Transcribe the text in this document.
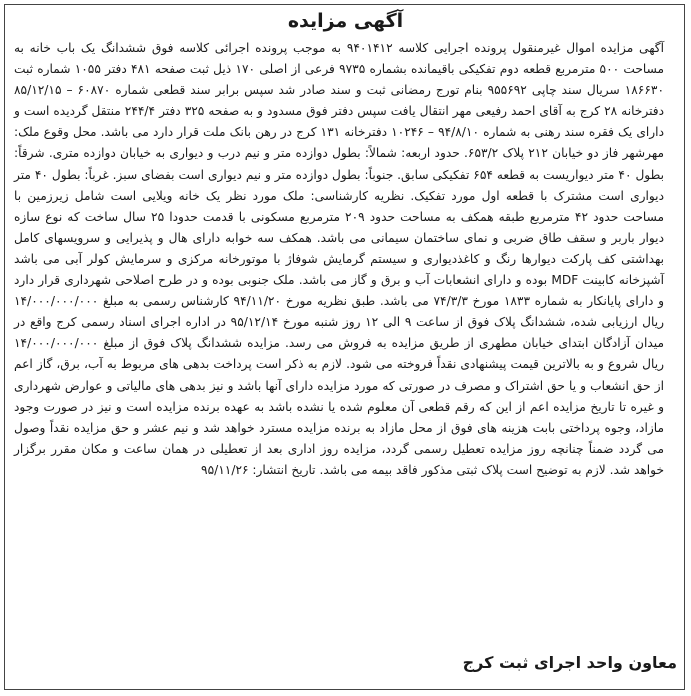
آگهی مزایده
آگهی مزایده اموال غیرمنقول پرونده اجرایی کلاسه ۹۴۰۱۴۱۲ به موجب پرونده اجرائی کلاسه فوق ششدانگ یک باب خانه به مساحت ۵۰۰ مترمربع قطعه دوم تفکیکی باقیمانده بشماره ۹۷۳۵ فرعی از اصلی ۱۷۰ ذیل ثبت صفحه ۴۸۱ دفتر ۱۰۵۵ شماره ثبت ۱۸۶۶۳۰ سریال سند چاپی ۹۵۵۶۹۲ بنام تورج رمضانی ثبت و سند صادر شد سپس برابر سند قطعی شماره ۶۰۸۷۰ – ۸۵/۱۲/۱۵ دفترخانه ۲۸ کرج به آقای احمد رفیعی مهر انتقال یافت سپس دفتر فوق مسدود و به صفحه ۳۲۵ دفتر ۲۴۴/۴ منتقل گردیده است و دارای یک فقره سند رهنی به شماره ۹۴/۸/۱۰ – ۱۰۲۴۶ دفترخانه ۱۳۱ کرج در رهن بانک ملت قرار دارد می باشد. محل وقوع ملک: مهرشهر فاز دو خیابان ۲۱۲ پلاک ۶۵۳/۲. حدود اربعه: شمالاً: بطول دوازده متر و نیم درب و دیواری به خیابان دوازده متری. شرقاً: بطول ۴۰ متر دیواریست به قطعه ۶۵۴ تفکیکی سابق. جنوباً: بطول دوازده متر و نیم دیواری است بفضای سبز. غرباً: بطول ۴۰ متر دیواری است مشترک با قطعه اول مورد تفکیک. نظریه کارشناسی: ملک مورد نظر یک خانه ویلایی است شامل زیرزمین با مساحت حدود ۴۲ مترمربع طبقه همکف به مساحت حدود ۲۰۹ مترمربع مسکونی با قدمت حدودا ۲۵ سال ساخت که نوع سازه دیوار باربر و سقف طاق ضربی و نمای ساختمان سیمانی می باشد. همکف سه خوابه دارای هال و پذیرایی و سرویسهای کامل بهداشتی کف پارکت دیوارها رنگ و کاغذدیواری و سیستم گرمایش شوفاژ با موتورخانه مرکزی و سرمایش کولر آبی می باشد آشپزخانه کابینت MDF بوده و دارای انشعابات آب و برق و گاز می باشد. ملک جنوبی بوده و در طرح اصلاحی شهرداری قرار دارد و دارای پایانکار به شماره ۱۸۳۳ مورخ ۷۴/۳/۳ می باشد. طبق نظریه مورخ ۹۴/۱۱/۲۰ کارشناس رسمی به مبلغ ۱۴/۰۰۰/۰۰۰/۰۰۰ ریال ارزیابی شده، ششدانگ پلاک فوق از ساعت ۹ الی ۱۲ روز شنبه مورخ ۹۵/۱۲/۱۴ در اداره اجرای اسناد رسمی کرج واقع در میدان آزادگان ابتدای خیابان مطهری از طریق مزایده به فروش می رسد. مزایده ششدانگ پلاک فوق از مبلغ ۱۴/۰۰۰/۰۰۰/۰۰۰ ریال شروع و به بالاترین قیمت پیشنهادی نقداً فروخته می شود. لازم به ذکر است پرداخت بدهی های مربوط به آب، برق، گاز اعم از حق انشعاب و یا حق اشتراک و مصرف در صورتی که مورد مزایده دارای آنها باشد و نیز بدهی های مالیاتی و عوارض شهرداری و غیره تا تاریخ مزایده اعم از این که رقم قطعی آن معلوم شده یا نشده باشد به عهده برنده مزایده است و نیز در صورت وجود مازاد، وجوه پرداختی بابت هزینه های فوق از محل مازاد به برنده مزایده مسترد خواهد شد و نیم عشر و حق مزایده نقداً وصول می گردد ضمناً چنانچه روز مزایده تعطیل رسمی گردد، مزایده روز اداری بعد از تعطیلی در همان ساعت و مکان مقرر برگزار خواهد شد. لازم به توضیح است پلاک ثبتی مذکور فاقد بیمه می باشد. تاریخ انتشار: ۹۵/۱۱/۲۶
معاون واحد اجرای ثبت کرج
